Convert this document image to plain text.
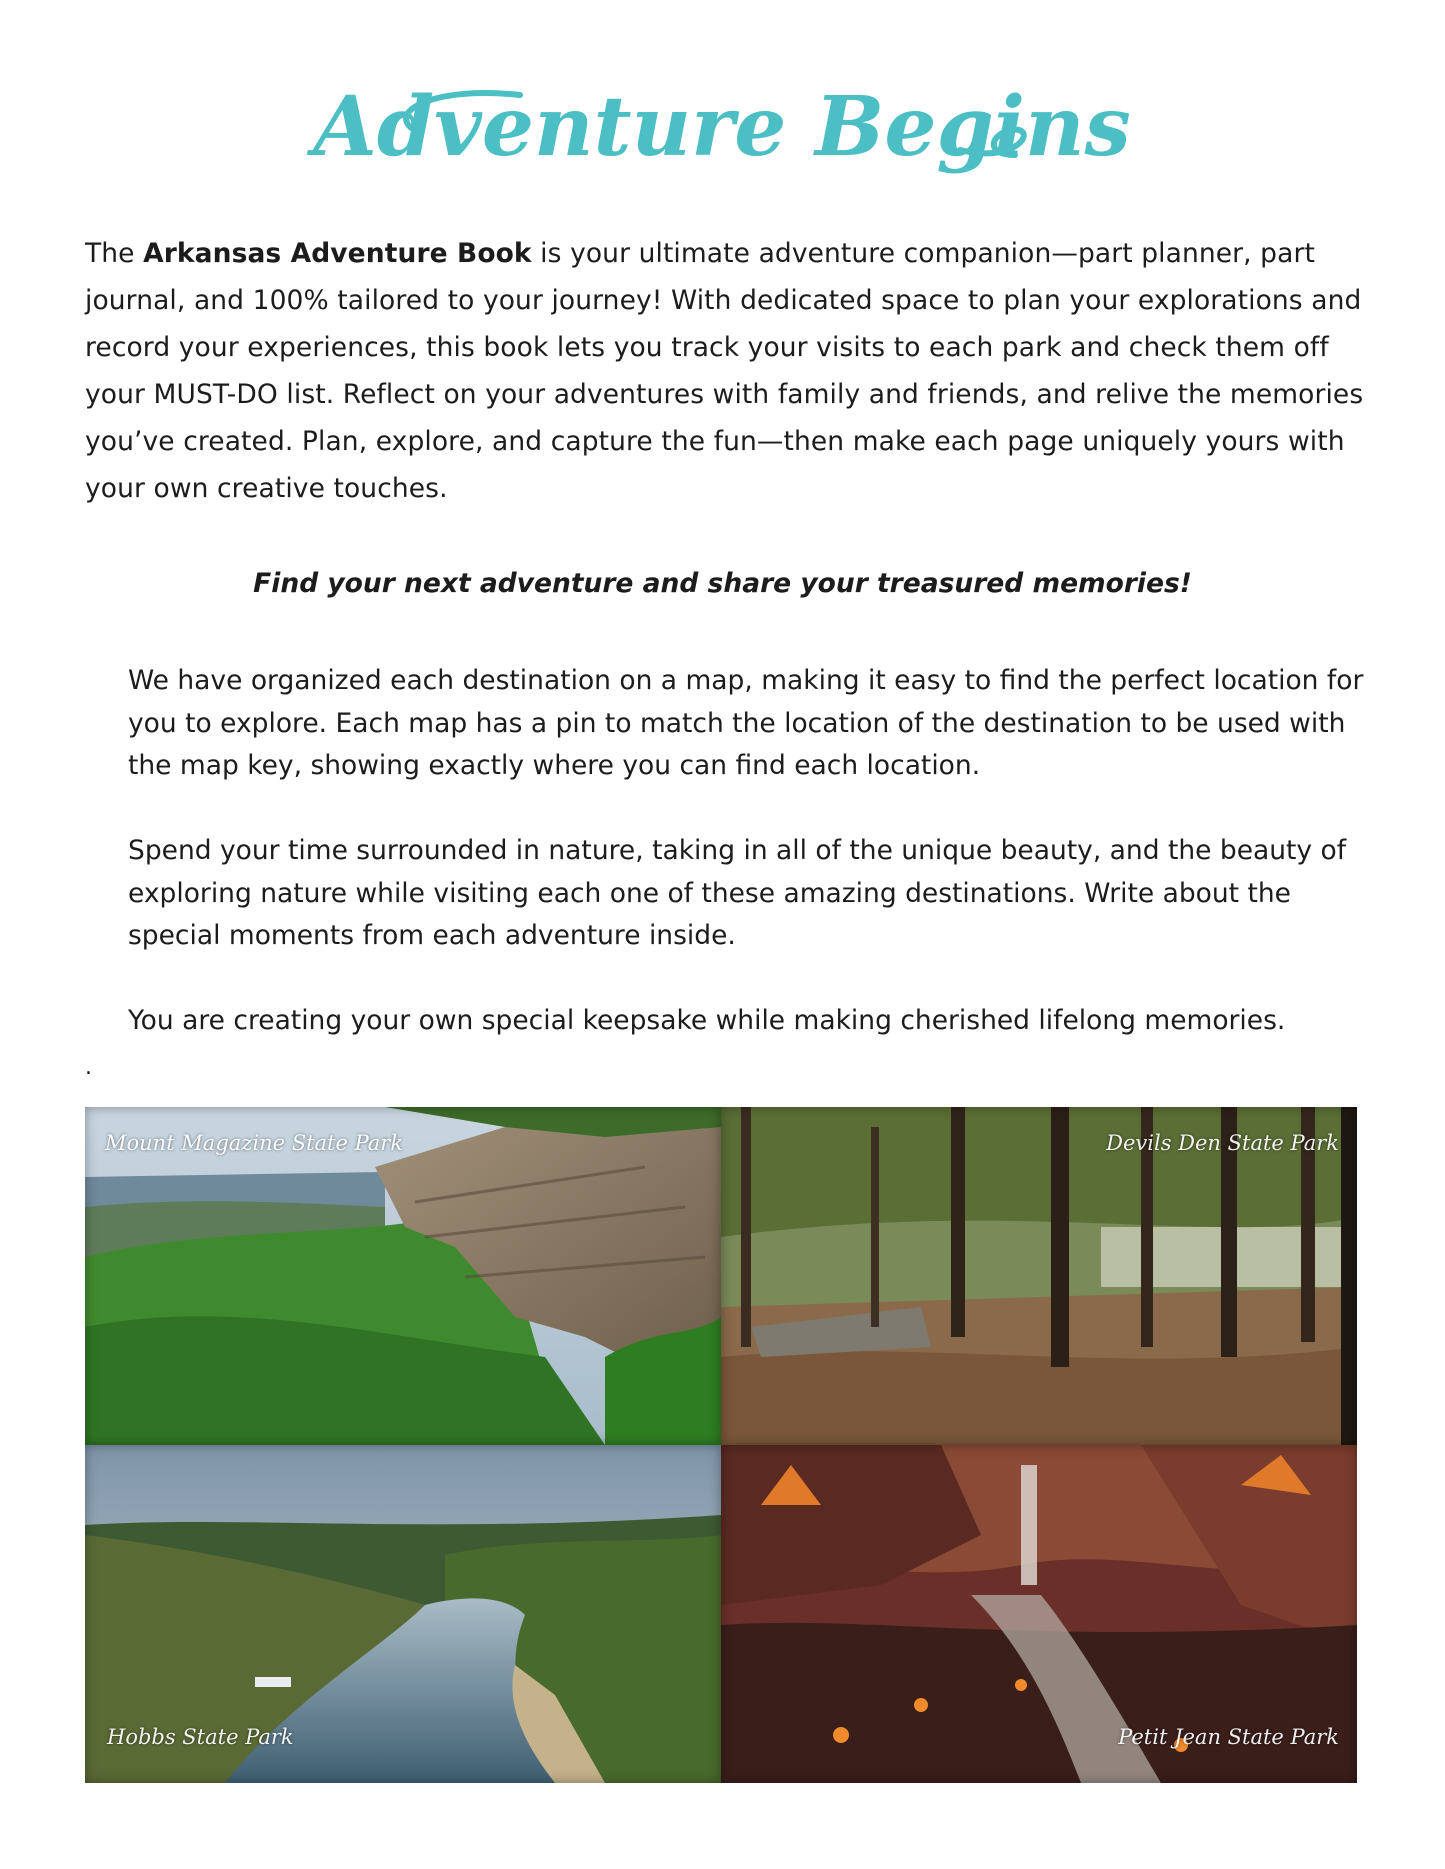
Adventure Begins

The Arkansas Adventure Book is your ultimate adventure companion—part planner, part journal, and 100% tailored to your journey! With dedicated space to plan your explorations and record your experiences, this book lets you track your visits to each park and check them off your MUST-DO list. Reflect on your adventures with family and friends, and relive the memories you’ve created. Plan, explore, and capture the fun—then make each page uniquely yours with your own creative touches.

Find your next adventure and share your treasured memories!

We have organized each destination on a map, making it easy to find the perfect location for you to explore. Each map has a pin to match the location of the destination to be used with the map key, showing exactly where you can find each location.

Spend your time surrounded in nature, taking in all of the unique beauty, and the beauty of exploring nature while visiting each one of these amazing destinations. Write about the special moments from each adventure inside.

You are creating your own special keepsake while making cherished lifelong memories.

.
Mount Magazine State Park	Devils Den State Park
Hobbs State Park	Petit Jean State Park
